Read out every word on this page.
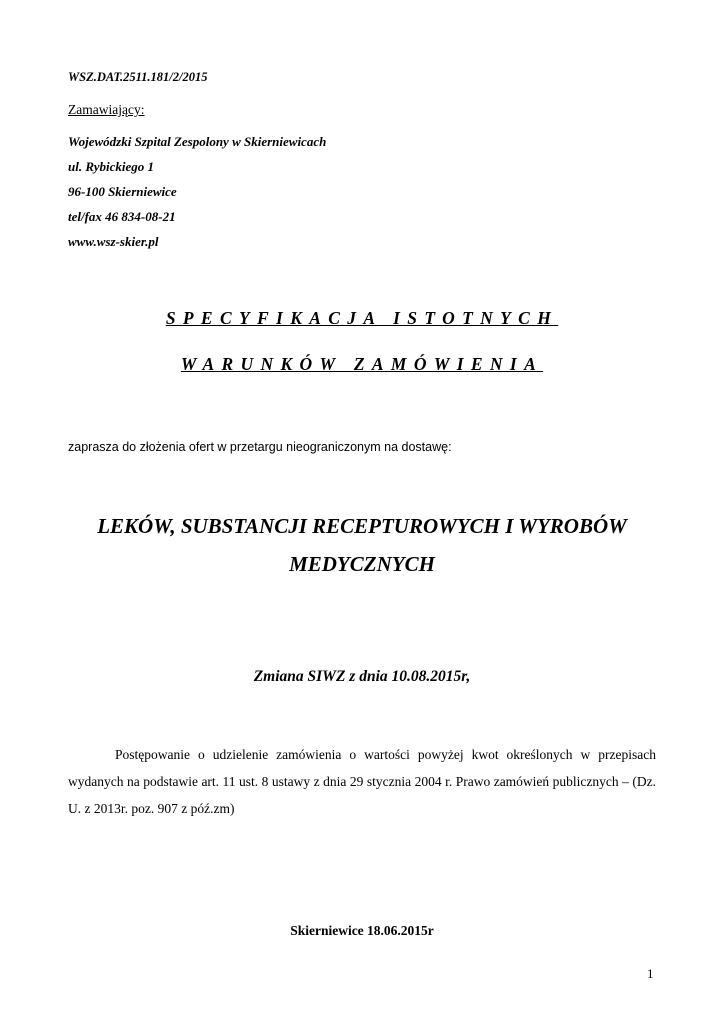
WSZ.DAT.2511.181/2/2015
Zamawiający:
Wojewódzki Szpital Zespolony w Skierniewicach
ul. Rybickiego 1
96-100 Skierniewice
tel/fax 46 834-08-21
www.wsz-skier.pl
SPECYFIKACJA ISTOTNYCH
WARUNKÓW ZAMÓWIENIA
zaprasza do złożenia ofert w przetargu nieograniczonym na dostawę:
LEKÓW, SUBSTANCJI RECEPTUROWYCH I WYROBÓW
MEDYCZNYCH
Zmiana SIWZ z dnia 10.08.2015r,
Postępowanie o udzielenie zamówienia o wartości powyżej kwot określonych w przepisach wydanych na podstawie art. 11 ust. 8 ustawy z dnia 29 stycznia 2004 r. Prawo zamówień publicznych – (Dz. U. z 2013r. poz. 907 z póź.zm)
Skierniewice 18.06.2015r
1
